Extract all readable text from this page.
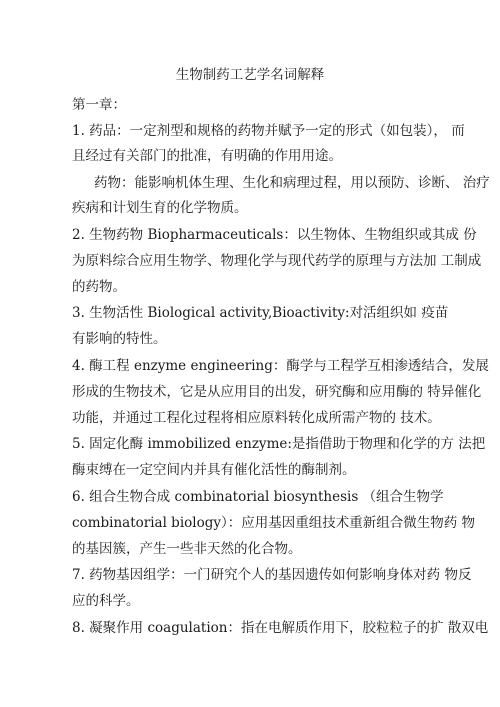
生物制药工艺学名词解释
第一章：
1. 药品：一定剂型和规格的药物并赋予一定的形式（如包装）， 而
且经过有关部门的批准，有明确的作用用途。
药物：能影响机体生理、生化和病理过程，用以预防、诊断、 治疗
疾病和计划生育的化学物质。
2. 生物药物 Biopharmaceuticals：以生物体、生物组织或其成 份
为原料综合应用生物学、物理化学与现代药学的原理与方法加 工制成
的药物。
3. 生物活性 Biological activity,Bioactivity:对活组织如 疫苗
有影响的特性。
4. 酶工程 enzyme engineering：酶学与工程学互相渗透结合，发展
形成的生物技术，它是从应用目的出发，研究酶和应用酶的 特异催化
功能，并通过工程化过程将相应原料转化成所需产物的 技术。
5. 固定化酶 immobilized enzyme:是指借助于物理和化学的方 法把
酶束缚在一定空间内并具有催化活性的酶制剂。
6. 组合生物合成 combinatorial biosynthesis （组合生物学
combinatorial biology）：应用基因重组技术重新组合微生物药 物
的基因簇，产生一些非天然的化合物。
7. 药物基因组学：一门研究个人的基因遗传如何影响身体对药 物反
应的科学。
8. 凝聚作用 coagulation：指在电解质作用下，胶粒粒子的扩 散双电
